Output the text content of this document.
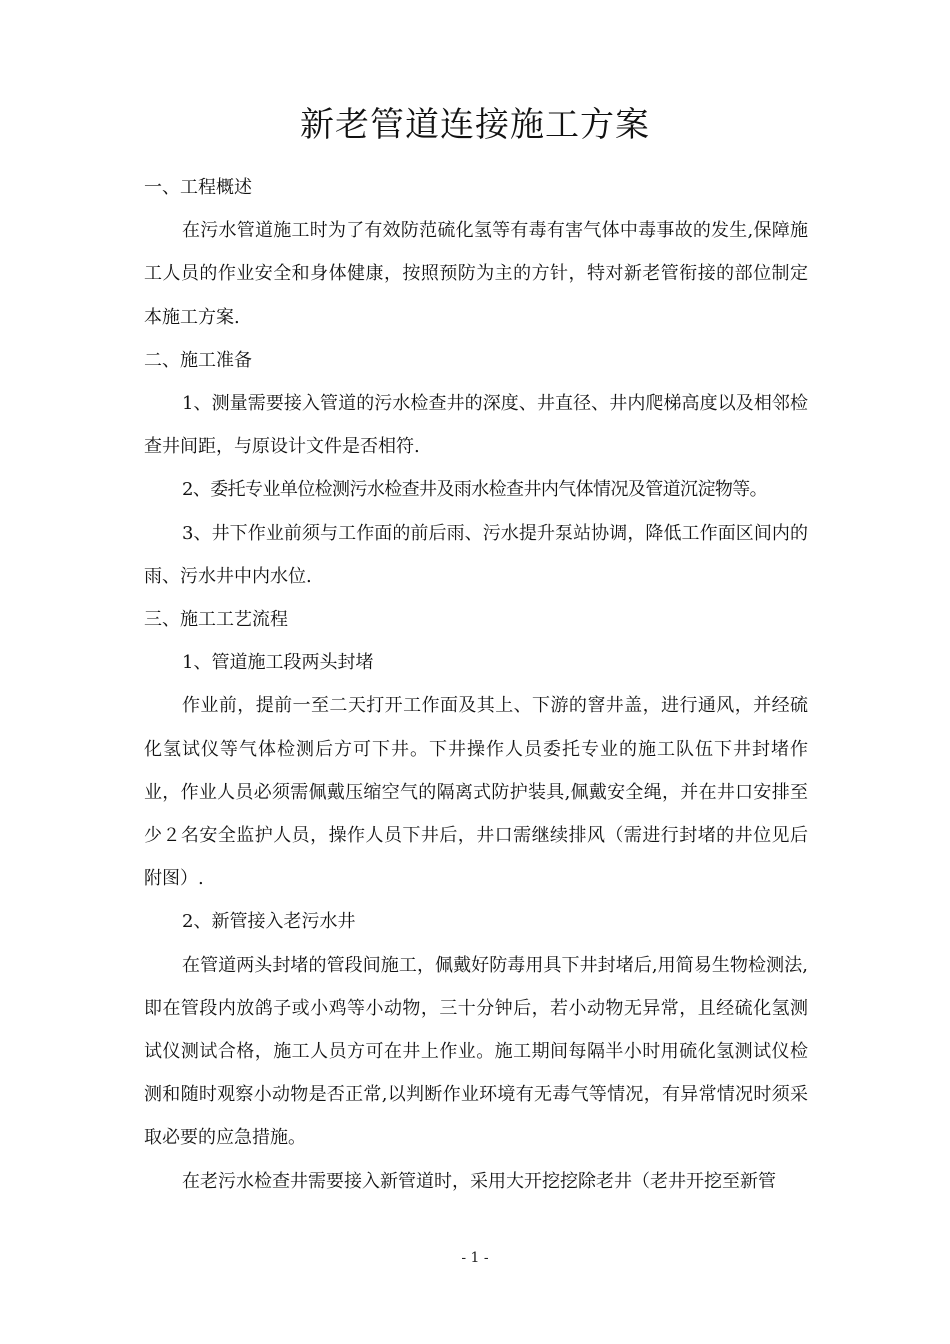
新老管道连接施工方案

一、工程概述

在污水管道施工时为了有效防范硫化氢等有毒有害气体中毒事故的发生,保障施工人员的作业安全和身体健康，按照预防为主的方针，特对新老管衔接的部位制定本施工方案.

二、施工准备

1、测量需要接入管道的污水检查井的深度、井直径、井内爬梯高度以及相邻检查井间距，与原设计文件是否相符.

2、委托专业单位检测污水检查井及雨水检查井内气体情况及管道沉淀物等。

3、井下作业前须与工作面的前后雨、污水提升泵站协调，降低工作面区间内的雨、污水井中内水位.

三、施工工艺流程

1、管道施工段两头封堵

作业前，提前一至二天打开工作面及其上、下游的窨井盖，进行通风，并经硫化氢试仪等气体检测后方可下井。下井操作人员委托专业的施工队伍下井封堵作业，作业人员必须需佩戴压缩空气的隔离式防护装具,佩戴安全绳，并在井口安排至少２名安全监护人员，操作人员下井后，井口需继续排风（需进行封堵的井位见后附图）.

2、新管接入老污水井

在管道两头封堵的管段间施工，佩戴好防毒用具下井封堵后,用简易生物检测法,即在管段内放鸽子或小鸡等小动物，三十分钟后，若小动物无异常，且经硫化氢测试仪测试合格，施工人员方可在井上作业。施工期间每隔半小时用硫化氢测试仪检测和随时观察小动物是否正常,以判断作业环境有无毒气等情况，有异常情况时须采取必要的应急措施。

在老污水检查井需要接入新管道时，采用大开挖挖除老井（老井开挖至新管

- 1 -
